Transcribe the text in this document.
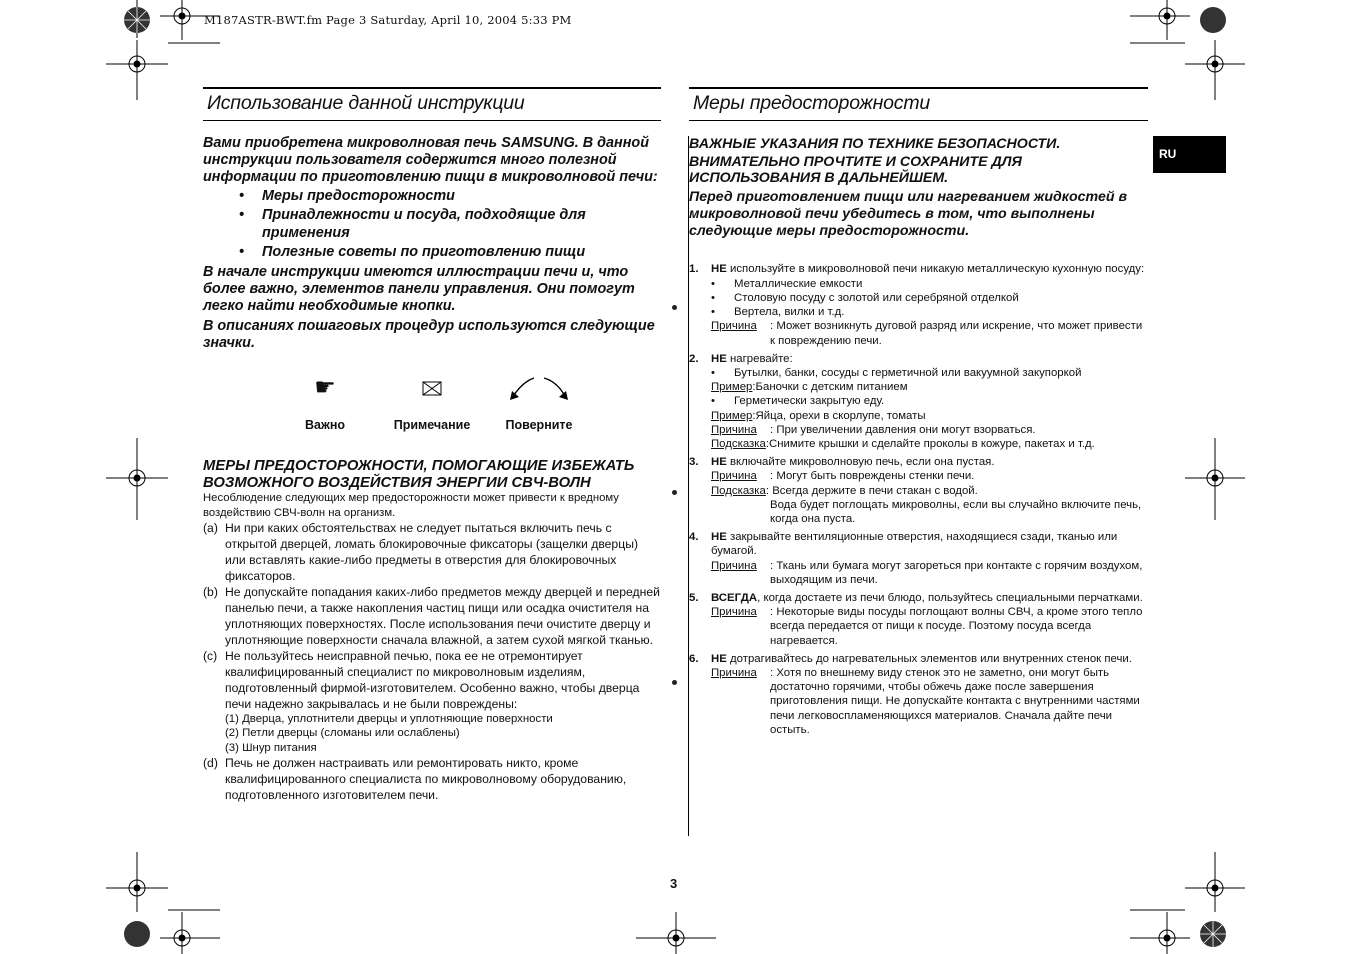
M187ASTR-BWT.fm Page 3 Saturday, April 10, 2004 5:33 PM
RU
Использование данной инструкции
Вами приобретена микроволновая печь SAMSUNG. В данной инструкции пользователя содержится много полезной информации по приготовлению пищи в микроволновой печи:
• Меры предосторожности
• Принадлежности и посуда, подходящие для применения
• Полезные советы по приготовлению пищи
В начале инструкции имеются иллюстрации печи и, что более важно, элементов панели управления. Они помогут легко найти необходимые кнопки.
В описаниях пошаговых процедур используются следующие значки.
☛
Важно	Примечание	Поверните
МЕРЫ ПРЕДОСТОРОЖНОСТИ, ПОМОГАЮЩИЕ ИЗБЕЖАТЬ ВОЗМОЖНОГО ВОЗДЕЙСТВИЯ ЭНЕРГИИ СВЧ-ВОЛН
Несоблюдение следующих мер предосторожности может привести к вредному воздействию СВЧ-волн на организм.
(a) Ни при каких обстоятельствах не следует пытаться включить печь с открытой дверцей, ломать блокировочные фиксаторы (защелки дверцы) или вставлять какие-либо предметы в отверстия для блокировочных фиксаторов.
(b) Не допускайте попадания каких-либо предметов между дверцей и передней панелью печи, а также накопления частиц пищи или осадка очистителя на уплотняющих поверхностях. После использования печи очистите дверцу и уплотняющие поверхности сначала влажной, а затем сухой мягкой тканью.
(c) Не пользуйтесь неисправной печью, пока ее не отремонтирует квалифицированный специалист по микроволновым изделиям, подготовленный фирмой-изготовителем. Особенно важно, чтобы дверца печи надежно закрывалась и не были повреждены:
(1) Дверца, уплотнители дверцы и уплотняющие поверхности
(2) Петли дверцы (сломаны или ослаблены)
(3) Шнур питания
(d) Печь не должен настраивать или ремонтировать никто, кроме квалифицированного специалиста по микроволновому оборудованию, подготовленного изготовителем печи.
Меры предосторожности
ВАЖНЫЕ УКАЗАНИЯ ПО ТЕХНИКЕ БЕЗОПАСНОСТИ.
ВНИМАТЕЛЬНО ПРОЧТИТЕ И СОХРАНИТЕ ДЛЯ ИСПОЛЬЗОВАНИЯ В ДАЛЬНЕЙШЕМ.
Перед приготовлением пищи или нагреванием жидкостей в микроволновой печи убедитесь в том, что выполнены следующие меры предосторожности.
1. НЕ используйте в микроволновой печи никакую металлическую кухонную посуду:
• Металлические емкости
• Столовую посуду с золотой или серебряной отделкой
• Вертела, вилки и т.д.
Причина : Может возникнуть дуговой разряд или искрение, что может привести к повреждению печи.
2. НЕ нагревайте:
• Бутылки, банки, сосуды с герметичной или вакуумной закупоркой
Пример:Баночки с детским питанием
• Герметически закрытую еду.
Пример:Яйца, орехи в скорлупе, томаты
Причина : При увеличении давления они могут взорваться.
Подсказка:Снимите крышки и сделайте проколы в кожуре, пакетах и т.д.
3. НЕ включайте микроволновую печь, если она пустая.
Причина : Могут быть повреждены стенки печи.
Подсказка: Всегда держите в печи стакан с водой.
Вода будет поглощать микроволны, если вы случайно включите печь, когда она пуста.
4. НЕ закрывайте вентиляционные отверстия, находящиеся сзади, тканью или бумагой.
Причина : Ткань или бумага могут загореться при контакте с горячим воздухом, выходящим из печи.
5. ВСЕГДА, когда достаете из печи блюдо, пользуйтесь специальными перчатками.
Причина : Некоторые виды посуды поглощают волны СВЧ, а кроме этого тепло всегда передается от пищи к посуде. Поэтому посуда всегда нагревается.
6. НЕ дотрагивайтесь до нагревательных элементов или внутренних стенок печи.
Причина : Хотя по внешнему виду стенок это не заметно, они могут быть достаточно горячими, чтобы обжечь даже после завершения приготовления пищи. Не допускайте контакта с внутренними частями печи легковоспламеняющихся материалов. Сначала дайте печи остыть.
3
